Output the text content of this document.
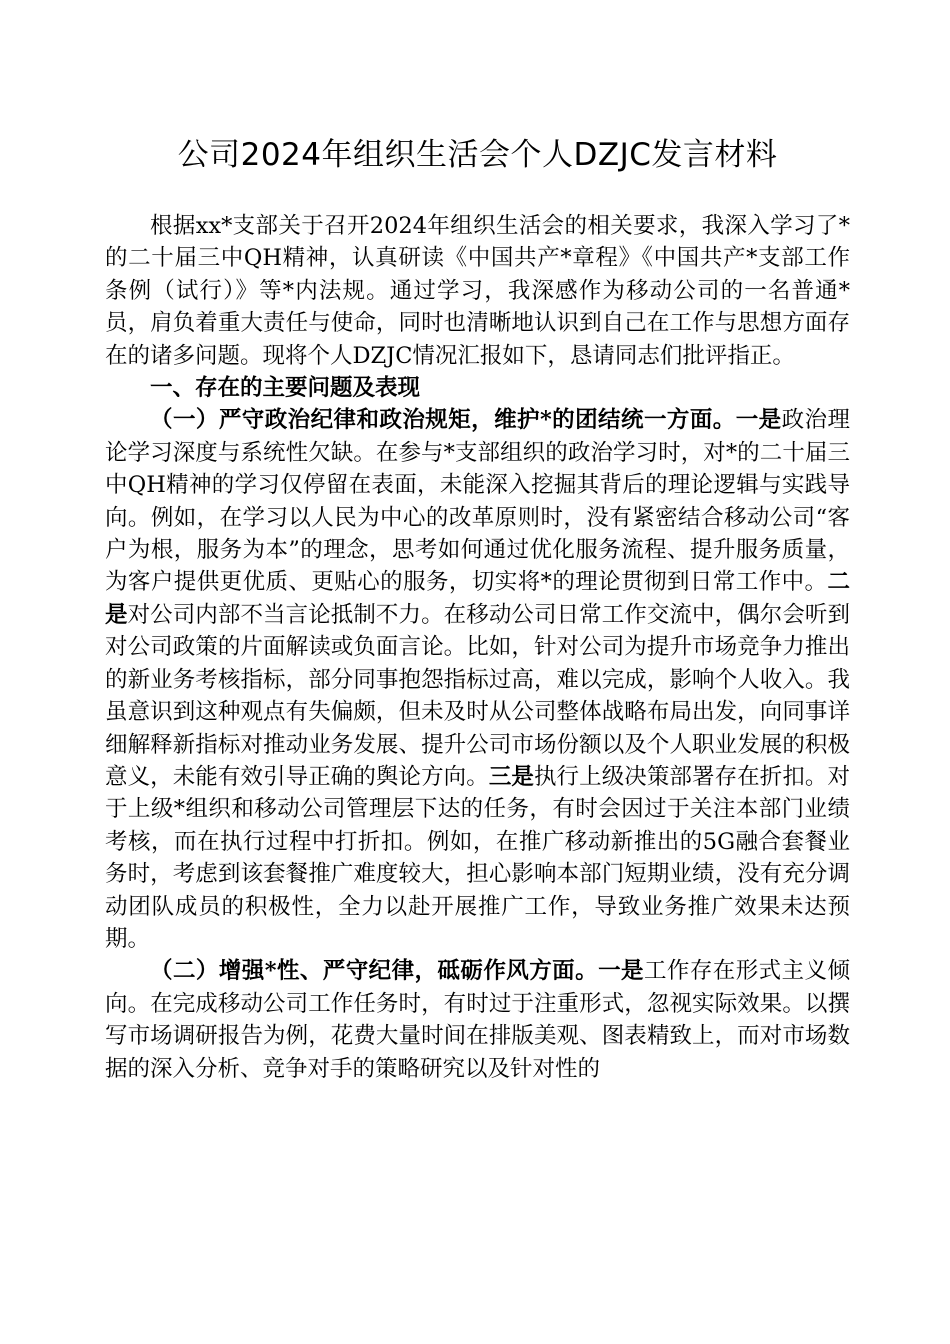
公司2024年组织生活会个人DZJC发言材料

根据xx*支部关于召开2024年组织生活会的相关要求，我深入学习了*的二十届三中QH精神，认真研读《中国共产*章程》《中国共产*支部工作条例（试行）》等*内法规。通过学习，我深感作为移动公司的一名普通*员，肩负着重大责任与使命，同时也清晰地认识到自己在工作与思想方面存在的诸多问题。现将个人DZJC情况汇报如下，恳请同志们批评指正。

一、存在的主要问题及表现

（一）严守政治纪律和政治规矩，维护*的团结统一方面。一是政治理论学习深度与系统性欠缺。在参与*支部组织的政治学习时，对*的二十届三中QH精神的学习仅停留在表面，未能深入挖掘其背后的理论逻辑与实践导向。例如，在学习以人民为中心的改革原则时，没有紧密结合移动公司“客户为根，服务为本”的理念，思考如何通过优化服务流程、提升服务质量，为客户提供更优质、更贴心的服务，切实将*的理论贯彻到日常工作中。二是对公司内部不当言论抵制不力。在移动公司日常工作交流中，偶尔会听到对公司政策的片面解读或负面言论。比如，针对公司为提升市场竞争力推出的新业务考核指标，部分同事抱怨指标过高，难以完成，影响个人收入。我虽意识到这种观点有失偏颇，但未及时从公司整体战略布局出发，向同事详细解释新指标对推动业务发展、提升公司市场份额以及个人职业发展的积极意义，未能有效引导正确的舆论方向。三是执行上级决策部署存在折扣。对于上级*组织和移动公司管理层下达的任务，有时会因过于关注本部门业绩考核，而在执行过程中打折扣。例如，在推广移动新推出的5G融合套餐业务时，考虑到该套餐推广难度较大，担心影响本部门短期业绩，没有充分调动团队成员的积极性，全力以赴开展推广工作，导致业务推广效果未达预期。

（二）增强*性、严守纪律，砥砺作风方面。一是工作存在形式主义倾向。在完成移动公司工作任务时，有时过于注重形式，忽视实际效果。以撰写市场调研报告为例，花费大量时间在排版美观、图表精致上，而对市场数据的深入分析、竞争对手的策略研究以及针对性的
